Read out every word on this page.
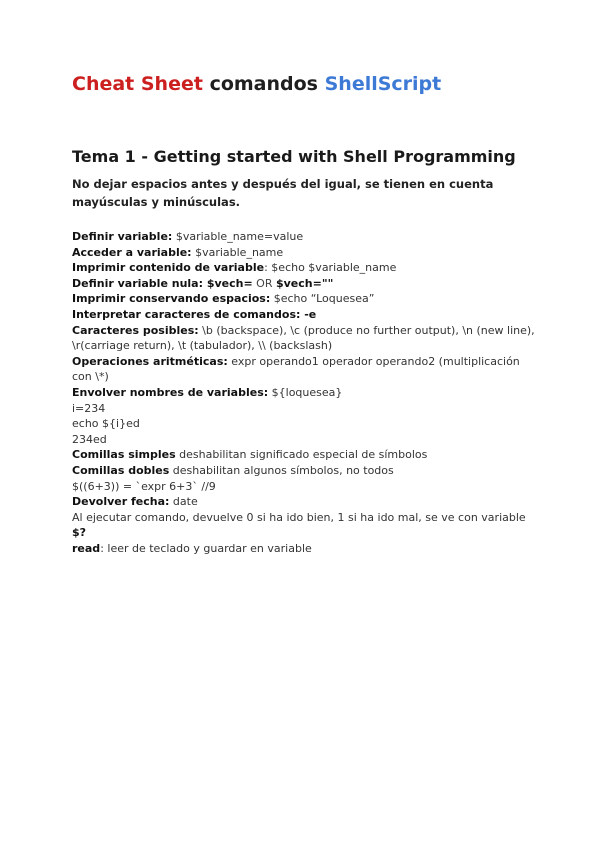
Cheat Sheet comandos ShellScript
Tema 1 - Getting started with Shell Programming

No dejar espacios antes y después del igual, se tienen en cuenta mayúsculas y minúsculas.

Definir variable: $variable_name=value

Acceder a variable: $variable_name

Imprimir contenido de variable: $echo $variable_name

Definir variable nula: $vech= OR $vech=""

Imprimir conservando espacios: $echo “Loquesea”

Interpretar caracteres de comandos: -e

Caracteres posibles: \b (backspace), \c (produce no further output), \n (new line), \r(carriage return), \t (tabulador), \\ (backslash)

Operaciones aritméticas: expr operando1 operador operando2 (multiplicación con \*)

Envolver nombres de variables: ${loquesea}

i=234

echo ${i}ed

234ed

Comillas simples deshabilitan significado especial de símbolos

Comillas dobles deshabilitan algunos símbolos, no todos

$((6+3)) = `expr 6+3` //9

Devolver fecha: date

Al ejecutar comando, devuelve 0 si ha ido bien, 1 si ha ido mal, se ve con variable

$?

read: leer de teclado y guardar en variable
